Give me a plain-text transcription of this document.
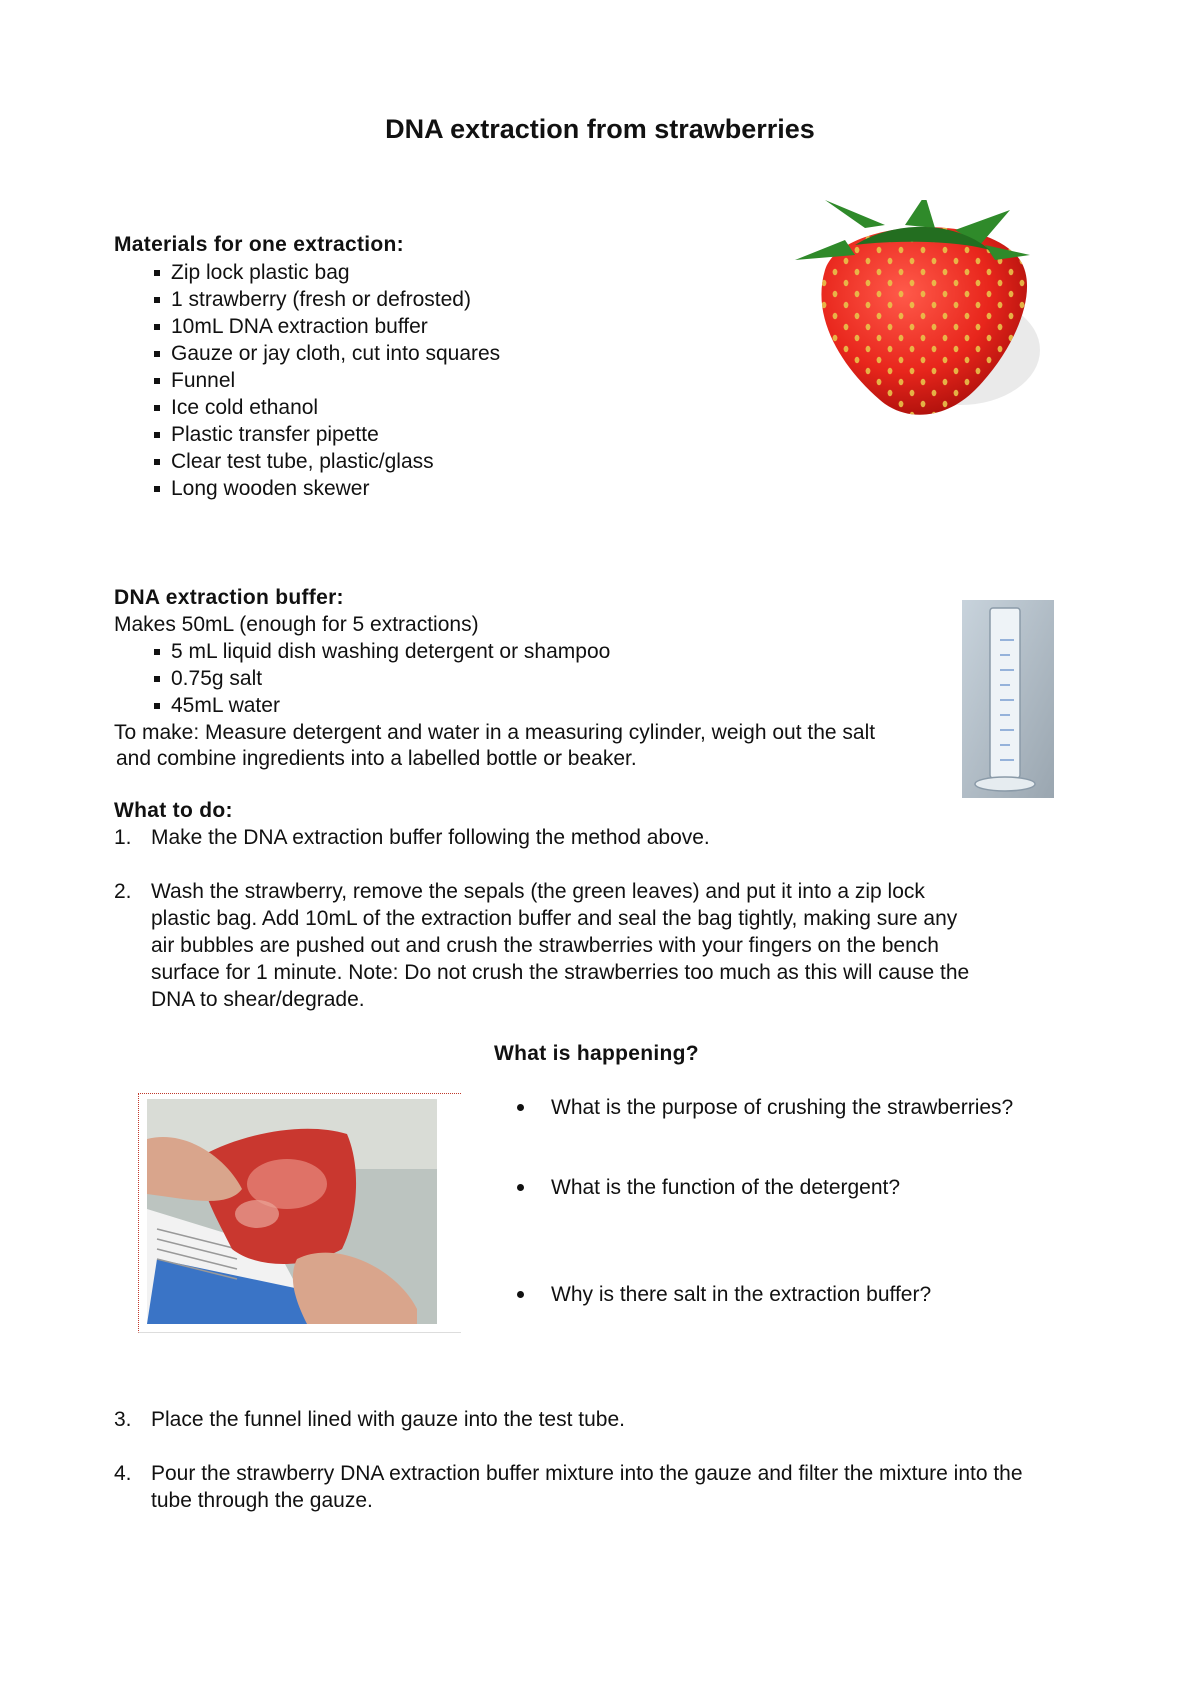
DNA extraction from strawberries
Materials for one extraction:
Zip lock plastic bag
1 strawberry (fresh or defrosted)
10mL DNA extraction buffer
Gauze or jay cloth, cut into squares
Funnel
Ice cold ethanol
Plastic transfer pipette
Clear test tube, plastic/glass
Long wooden skewer
DNA extraction buffer:
Makes 50mL (enough for 5 extractions)
5 mL liquid dish washing detergent or shampoo
0.75g salt
45mL water
To make: Measure detergent and water in a measuring cylinder, weigh out the salt
and combine ingredients into a labelled bottle or beaker.
What to do:
1. Make the DNA extraction buffer following the method above.
2. Wash the strawberry, remove the sepals (the green leaves) and put it into a zip lock
plastic bag. Add 10mL of the extraction buffer and seal the bag tightly, making sure any
air bubbles are pushed out and crush the strawberries with your fingers on the bench
surface for 1 minute. Note: Do not crush the strawberries too much as this will cause the
DNA to shear/degrade.
What is happening?
What is the purpose of crushing the strawberries?
What is the function of the detergent?
Why is there salt in the extraction buffer?
3. Place the funnel lined with gauze into the test tube.
4. Pour the strawberry DNA extraction buffer mixture into the gauze and filter the mixture into the
tube through the gauze.
